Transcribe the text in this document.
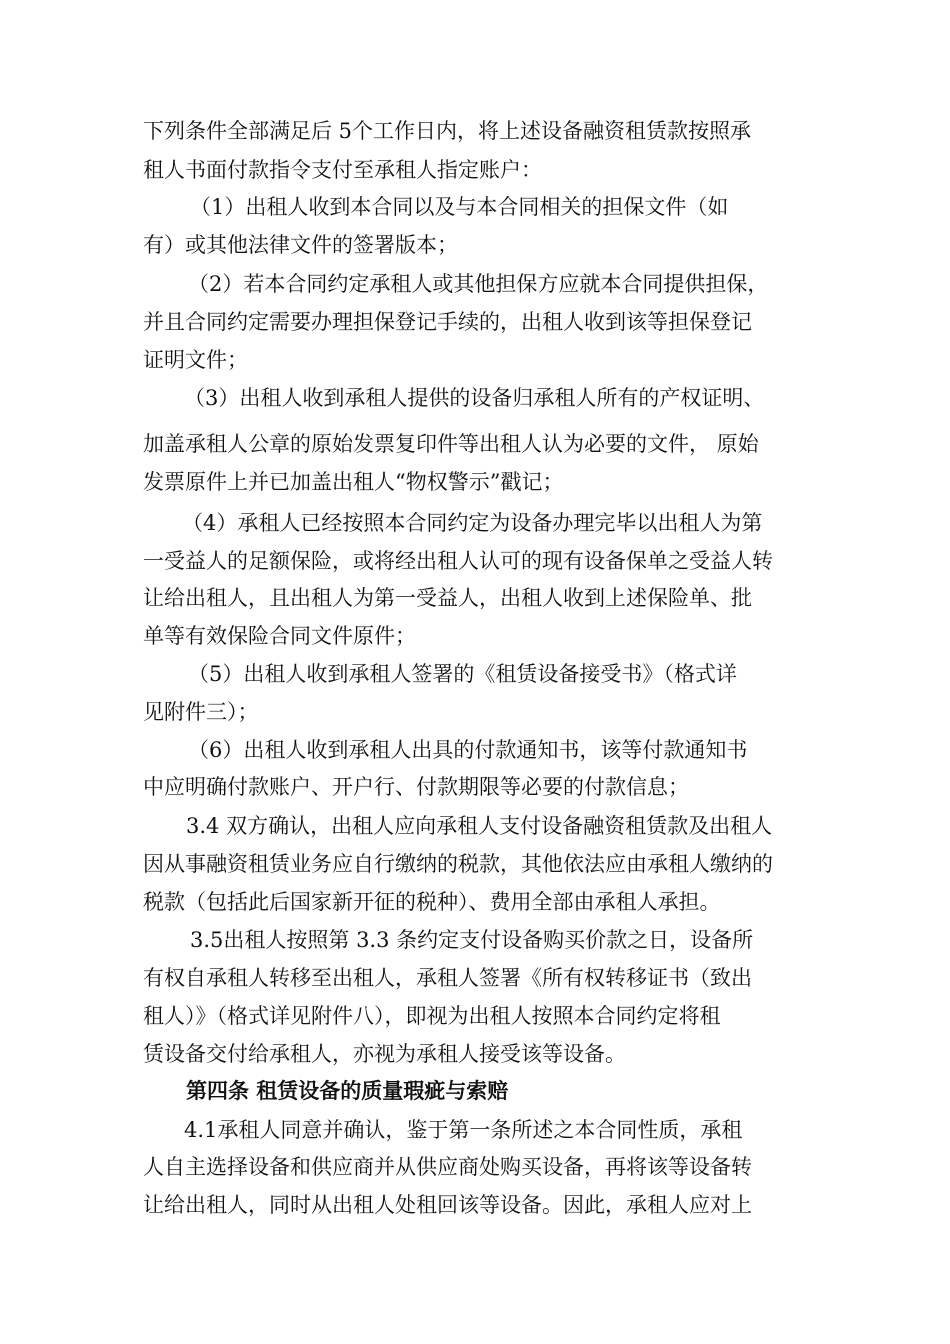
下列条件全部满足后 5个工作日内，将上述设备融资租赁款按照承
租人书面付款指令支付至承租人指定账户：
（1）出租人收到本合同以及与本合同相关的担保文件（如
有）或其他法律文件的签署版本；
（2）若本合同约定承租人或其他担保方应就本合同提供担保，
并且合同约定需要办理担保登记手续的，出租人收到该等担保登记
证明文件；
（3）出租人收到承租人提供的设备归承租人所有的产权证明、
加盖承租人公章的原始发票复印件等出租人认为必要的文件， 原始
发票原件上并已加盖出租人“物权警示”戳记；
（4）承租人已经按照本合同约定为设备办理完毕以出租人为第
一受益人的足额保险，或将经出租人认可的现有设备保单之受益人转
让给出租人，且出租人为第一受益人，出租人收到上述保险单、批
单等有效保险合同文件原件；
（5）出租人收到承租人签署的《租赁设备接受书》（格式详
见附件三）；
（6）出租人收到承租人出具的付款通知书，该等付款通知书
中应明确付款账户、开户行、付款期限等必要的付款信息；
3.4 双方确认，出租人应向承租人支付设备融资租赁款及出租人
因从事融资租赁业务应自行缴纳的税款，其他依法应由承租人缴纳的
税款（包括此后国家新开征的税种）、费用全部由承租人承担。
3.5出租人按照第 3.3 条约定支付设备购买价款之日，设备所
有权自承租人转移至出租人，承租人签署《所有权转移证书（致出
租人）》（格式详见附件八），即视为出租人按照本合同约定将租
赁设备交付给承租人，亦视为承租人接受该等设备。
第四条 租赁设备的质量瑕疵与索赔
4.1承租人同意并确认，鉴于第一条所述之本合同性质，承租
人自主选择设备和供应商并从供应商处购买设备，再将该等设备转
让给出租人，同时从出租人处租回该等设备。因此，承租人应对上
